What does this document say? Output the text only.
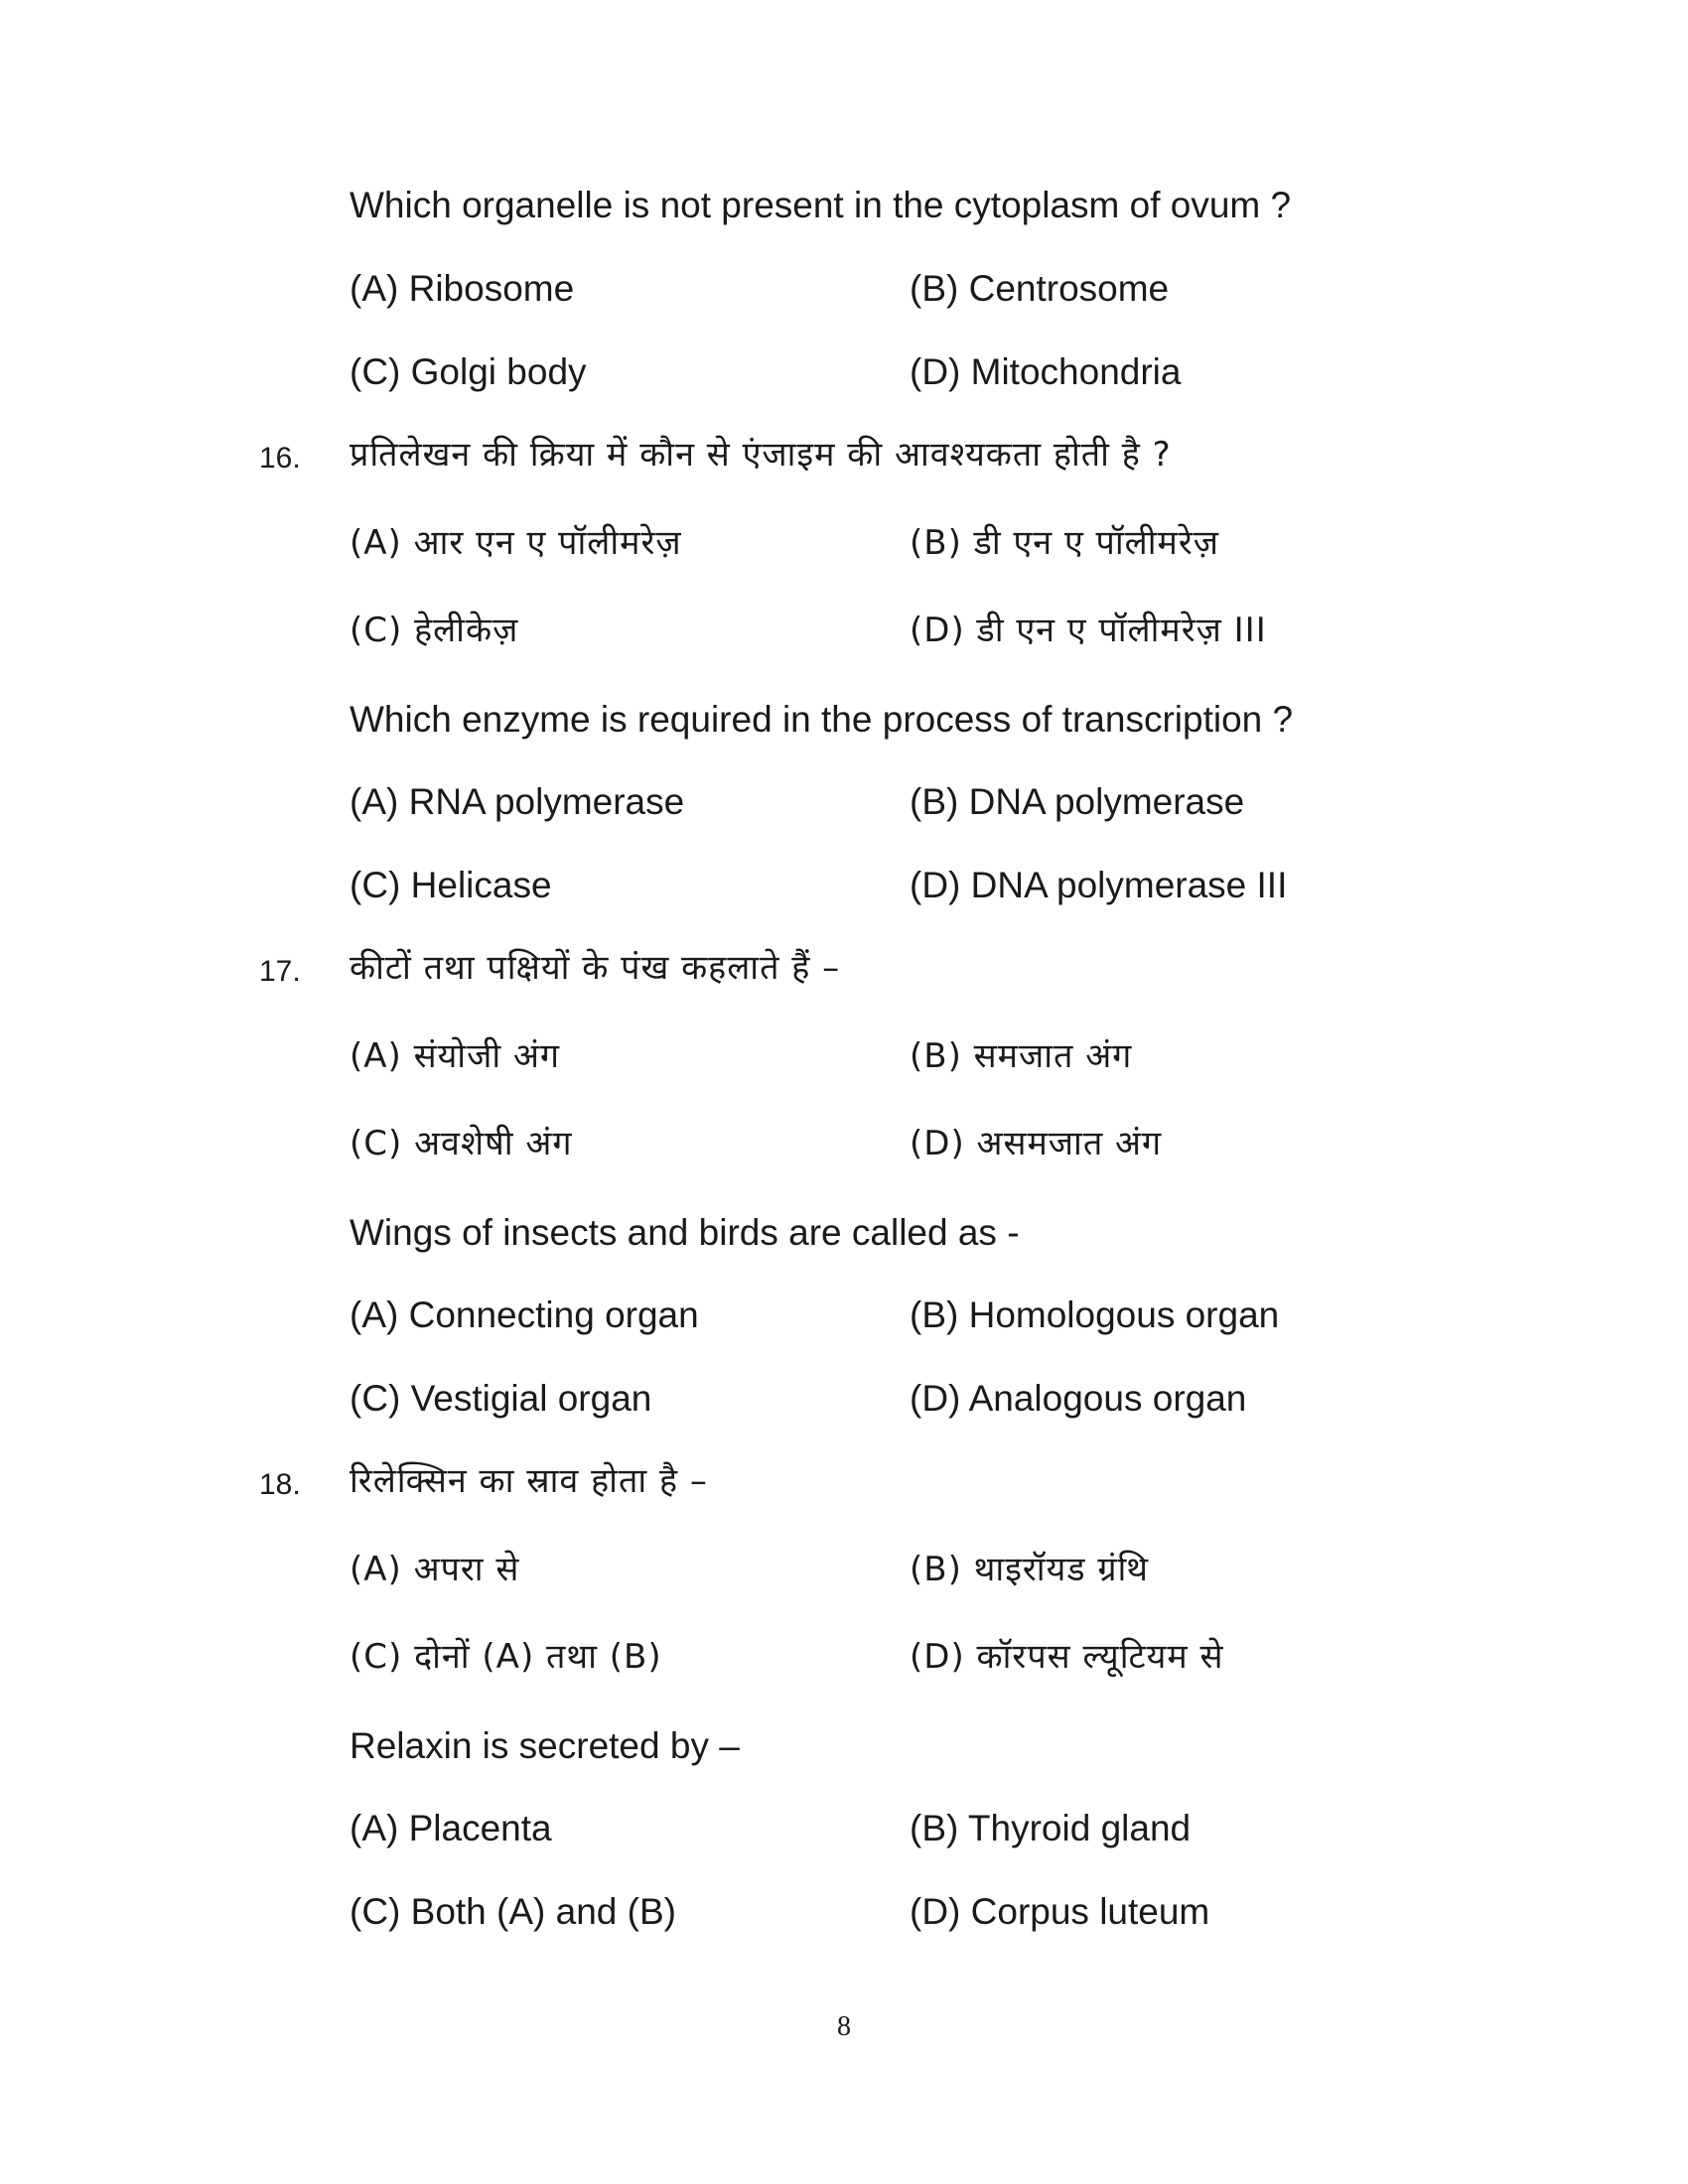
Which organelle is not present in the cytoplasm of ovum ?
(A) Ribosome	(B) Centrosome
(C) Golgi body	(D) Mitochondria
16. प्रतिलेखन की क्रिया में कौन से एंजाइम की आवश्यकता होती है ?
(A) आर एन ए पॉलीमरेज़	(B) डी एन ए पॉलीमरेज़
(C) हेलीकेज़	(D) डी एन ए पॉलीमरेज़ III
Which enzyme is required in the process of transcription ?
(A) RNA polymerase	(B) DNA polymerase
(C) Helicase	(D) DNA polymerase III
17. कीटों तथा पक्षियों के पंख कहलाते हैं –
(A) संयोजी अंग	(B) समजात अंग
(C) अवशेषी अंग	(D) असमजात अंग
Wings of insects and birds are called as -
(A) Connecting organ	(B) Homologous organ
(C) Vestigial organ	(D) Analogous organ
18. रिलेक्सिन का स्राव होता है –
(A) अपरा से	(B) थाइरॉयड ग्रंथि
(C) दोनों (A) तथा (B)	(D) कॉरपस ल्यूटियम से
Relaxin is secreted by –
(A) Placenta	(B) Thyroid gland
(C) Both (A) and (B)	(D) Corpus luteum
8
